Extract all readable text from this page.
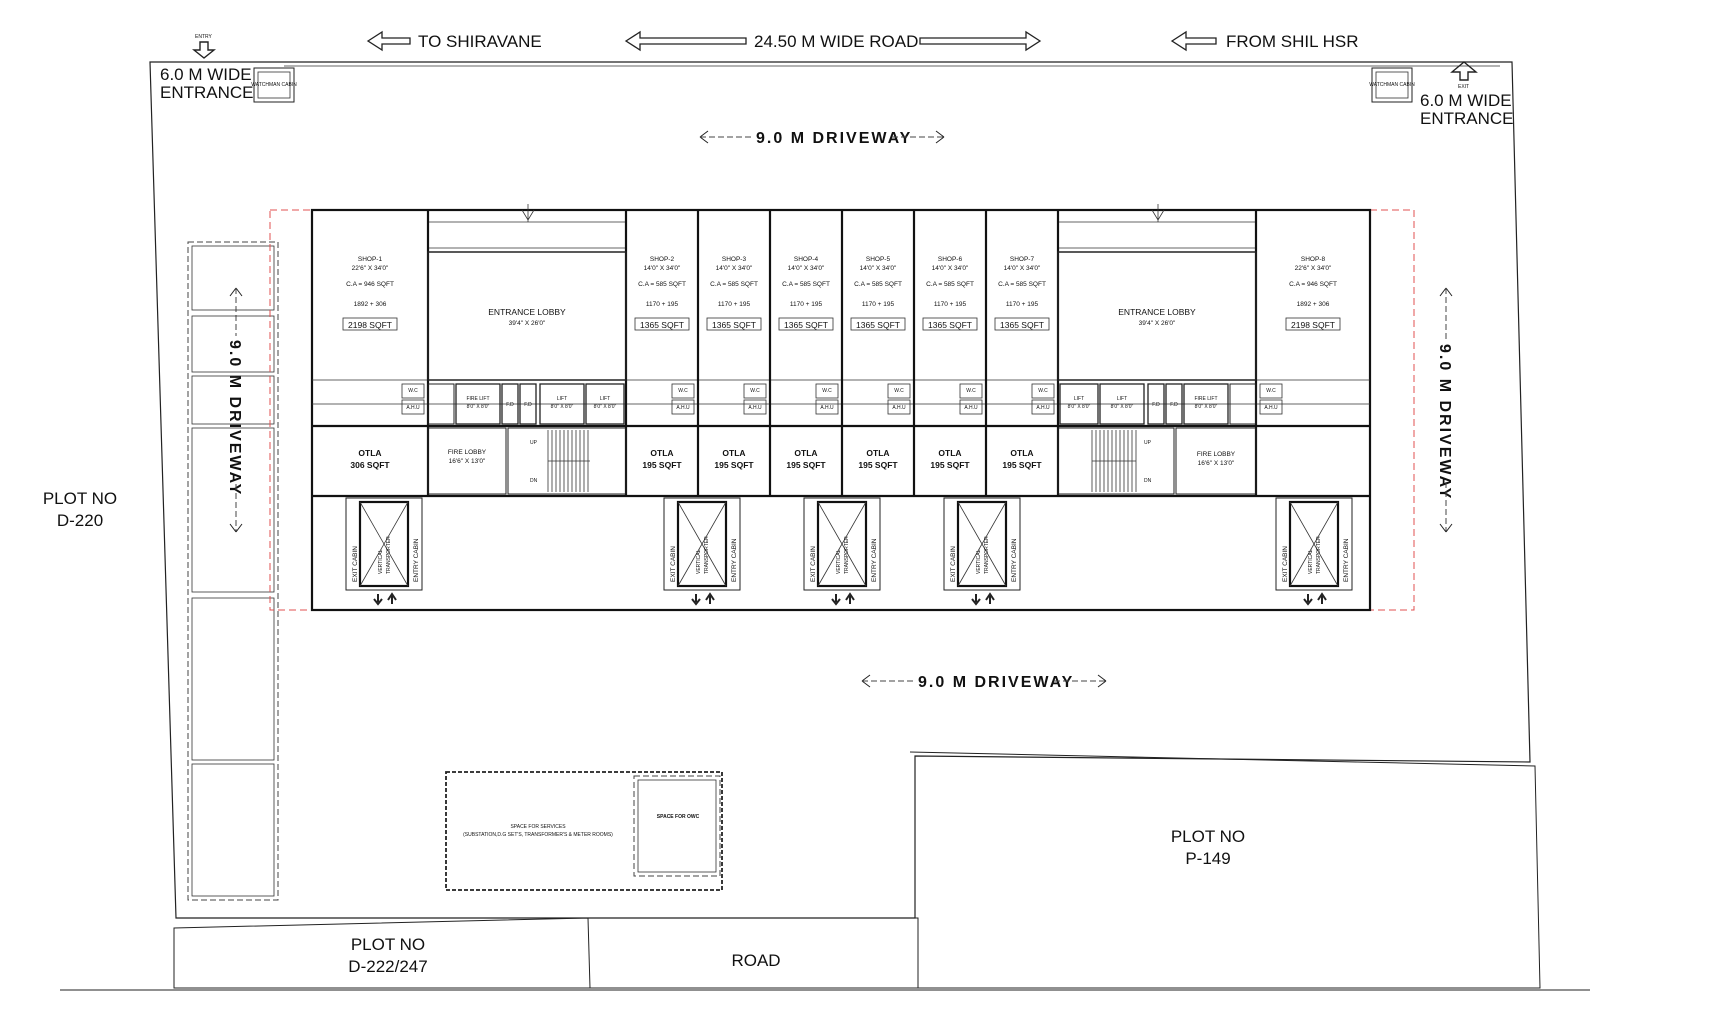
ENTRY
6.0 M WIDE
ENTRANCE
WATCHMAN CABIN	WATCHMAN CABIN	EXIT
6.0 M WIDE
ENTRANCE
TO SHIRAVANE	24.50 M WIDE ROAD	FROM SHIL HSR
9.0 M DRIVEWAY
9.0 M DRIVEWAY
9.0 M DRIVEWAY	9.0 M DRIVEWAY
SHOP-1
22'6" X 34'0"
C.A = 946 SQFT
1892 + 306
2198 SQFT
SHOP-2
14'0" X 34'0"
C.A = 585 SQFT
1170 + 195
1365 SQFT
SHOP-3
14'0" X 34'0"
C.A = 585 SQFT
1170 + 195
1365 SQFT
SHOP-4
14'0" X 34'0"
C.A = 585 SQFT
1170 + 195
1365 SQFT
SHOP-5
14'0" X 34'0"
C.A = 585 SQFT
1170 + 195
1365 SQFT
SHOP-6
14'0" X 34'0"
C.A = 585 SQFT
1170 + 195
1365 SQFT
SHOP-7
14'0" X 34'0"
C.A = 585 SQFT
1170 + 195
1365 SQFT
SHOP-8
22'6" X 34'0"
C.A = 946 SQFT
1892 + 306
2198 SQFT
OTLA
306 SQFT
OTLA
195 SQFT
OTLA
195 SQFT
OTLA
195 SQFT
OTLA
195 SQFT
OTLA
195 SQFT
OTLA
195 SQFT
W.C
A.H.U
W.C
A.H.U
W.C
A.H.U
W.C
A.H.U
W.C
A.H.U
W.C
A.H.U
W.C
A.H.U
W.C
A.H.U
ENTRANCE LOBBY
39'4" X 26'0"
ENTRANCE LOBBY
39'4" X 26'0"
FIRE LIFT
8'0" X 8'0"	F.D F.D
LIFT
8'0" X 8'0"
LIFT
8'0" X 8'0"
LIFT
8'0" X 8'0"
LIFT
8'0" X 8'0"	F.D F.D
FIRE LIFT
8'0" X 8'0"
FIRE LOBBY
16'6" X 13'0"
UP
DN
FIRE LOBBY
16'6" X 13'0"
UP
DN
EXIT CABIN	ENTRY CABIN
VERTICAL TRANSPORTER	EXIT CABIN	ENTRY CABIN
VERTICAL TRANSPORTER	EXIT CABIN	ENTRY CABIN
VERTICAL TRANSPORTER	EXIT CABIN	ENTRY CABIN
VERTICAL TRANSPORTER	EXIT CABIN	ENTRY CABIN
VERTICAL TRANSPORTER
PLOT NO
D-220
PLOT NO
D-222/247	ROAD
PLOT NO
P-149
SPACE FOR SERVICES
(SUBSTATION,D.G SET'S, TRANSFORMER'S & METER ROOMS)
SPACE FOR OWC
